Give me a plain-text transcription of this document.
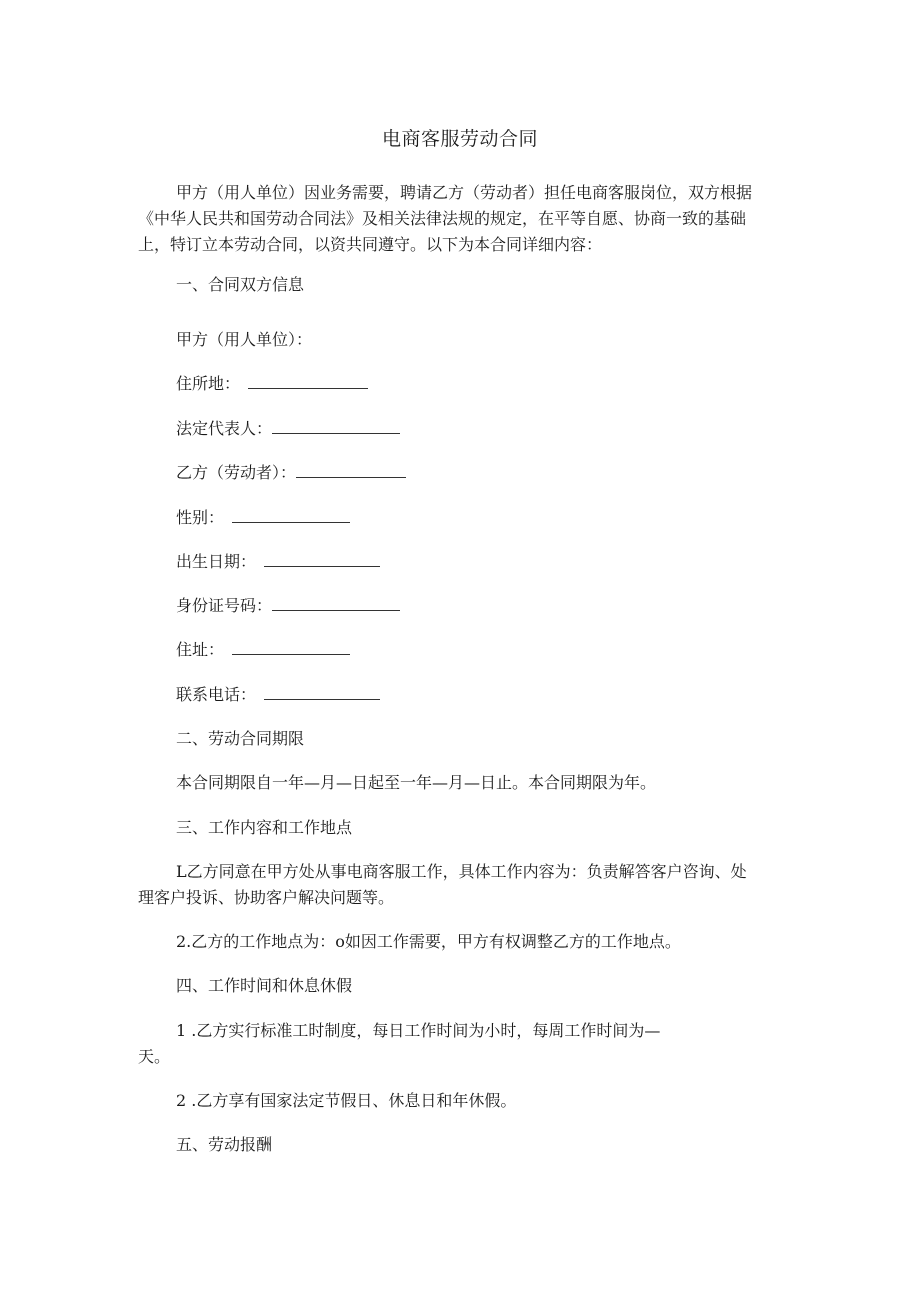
电商客服劳动合同
甲方（用人单位）因业务需要，聘请乙方（劳动者）担任电商客服岗位，双方根据
《中华人民共和国劳动合同法》及相关法律法规的规定，在平等自愿、协商一致的基础
上，特订立本劳动合同，以资共同遵守。以下为本合同详细内容：
一、合同双方信息
甲方（用人单位）：
住所地：
法定代表人：
乙方（劳动者）：
性别：
出生日期：
身份证号码：
住址：
联系电话：
二、劳动合同期限
本合同期限自一年—月—日起至一年—月—日止。本合同期限为年。
三、工作内容和工作地点
L乙方同意在甲方处从事电商客服工作，具体工作内容为：负责解答客户咨询、处
理客户投诉、协助客户解决问题等。
2.乙方的工作地点为：o如因工作需要，甲方有权调整乙方的工作地点。
四、工作时间和休息休假
1 .乙方实行标准工时制度，每日工作时间为小时，每周工作时间为—
天。
2 .乙方享有国家法定节假日、休息日和年休假。
五、劳动报酬
